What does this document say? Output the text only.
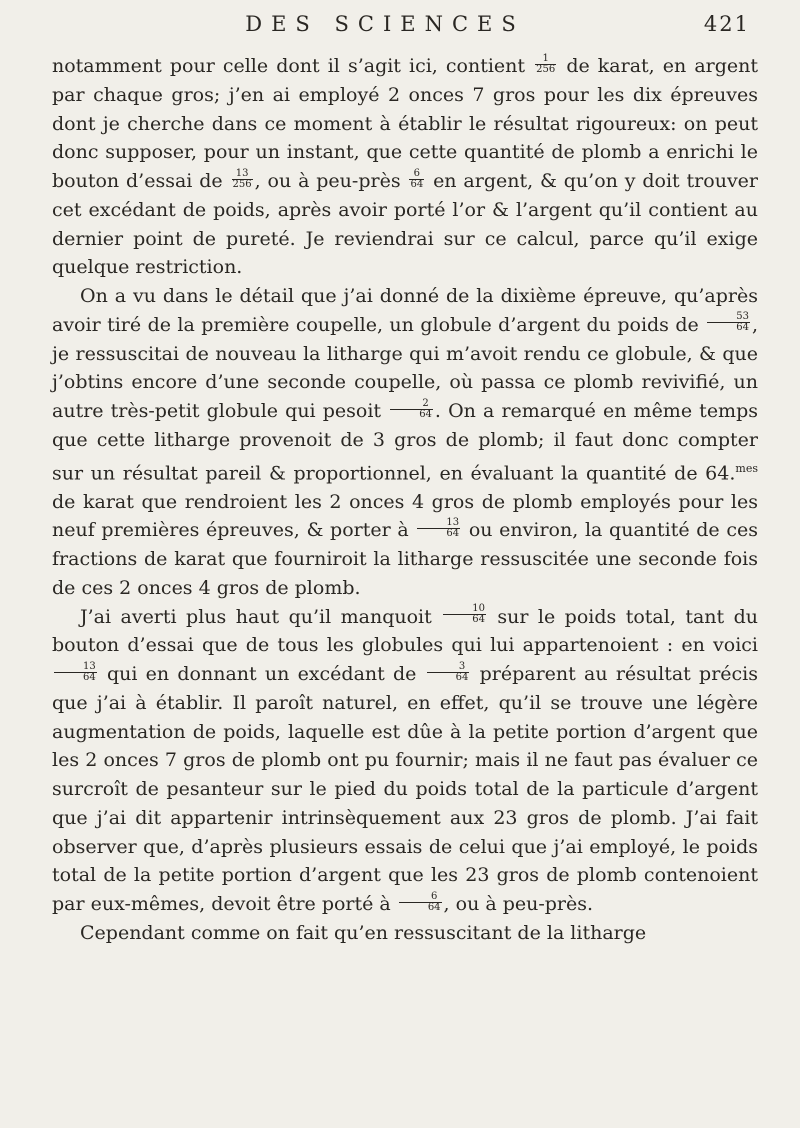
DES SCIENCES	421

notamment pour celle dont il s’agit ici, contient $\frac{1}{256}$ de karat, en argent par chaque gros; j’en ai employé 2 onces 7 gros pour les dix épreuves dont je cherche dans ce moment à établir le résultat rigoureux: on peut donc supposer, pour un instant, que cette quantité de plomb a enrichi le bouton d’essai de $\frac{13}{256}$ , ou à peu-près $\frac{6}{64}$ en argent, & qu’on y doit trouver cet excédant de poids, après avoir porté l’or & l’argent qu’il contient au dernier point de pureté. Je reviendrai sur ce calcul, parce qu’il exige quelque restriction.

On a vu dans le détail que j’ai donné de la dixième épreuve, qu’après avoir tiré de la première coupelle, un globule d’argent du poids de $\frac{53}{64}$ , je ressuscitai de nouveau la litharge qui m’avoit rendu ce globule, & que j’obtins encore d’une seconde coupelle, où passa ce plomb revivifié, un autre très-petit globule qui pesoit $\frac{2}{64}$ . On a remarqué en même temps que cette litharge provenoit de 3 gros de plomb; il faut donc compter sur un résultat pareil & proportionnel, en évaluant la quantité de 64.$^{mes}$ de karat que rendroient les 2 onces 4 gros de plomb employés pour les neuf premières épreuves, & porter à $\frac{13}{64}$ ou environ, la quantité de ces fractions de karat que fourniroit la litharge ressuscitée une seconde fois de ces 2 onces 4 gros de plomb.

J’ai averti plus haut qu’il manquoit $\frac{10}{64}$ sur le poids total, tant du bouton d’essai que de tous les globules qui lui appartenoient : en voici
$\frac{13}{64}$ qui en donnant un excédant de $\frac{3}{64}$ préparent au résultat précis que j’ai à établir. Il paroît naturel, en effet, qu’il se trouve une légère augmentation de poids, laquelle est dûe à la petite portion d’argent que les 2 onces 7 gros de plomb ont pu fournir; mais il ne faut pas évaluer ce surcroît de pesanteur sur le pied du poids total de la particule d’argent que j’ai dit appartenir intrinsèquement aux 23 gros de plomb. J’ai fait observer que, d’après plusieurs essais de celui que j’ai employé, le poids total de la petite portion d’argent que les 23 gros de plomb contenoient par eux-mêmes, devoit être porté à $\frac{6}{64}$ , ou à peu-près.

Cependant comme on fait qu’en ressuscitant de la litharge
